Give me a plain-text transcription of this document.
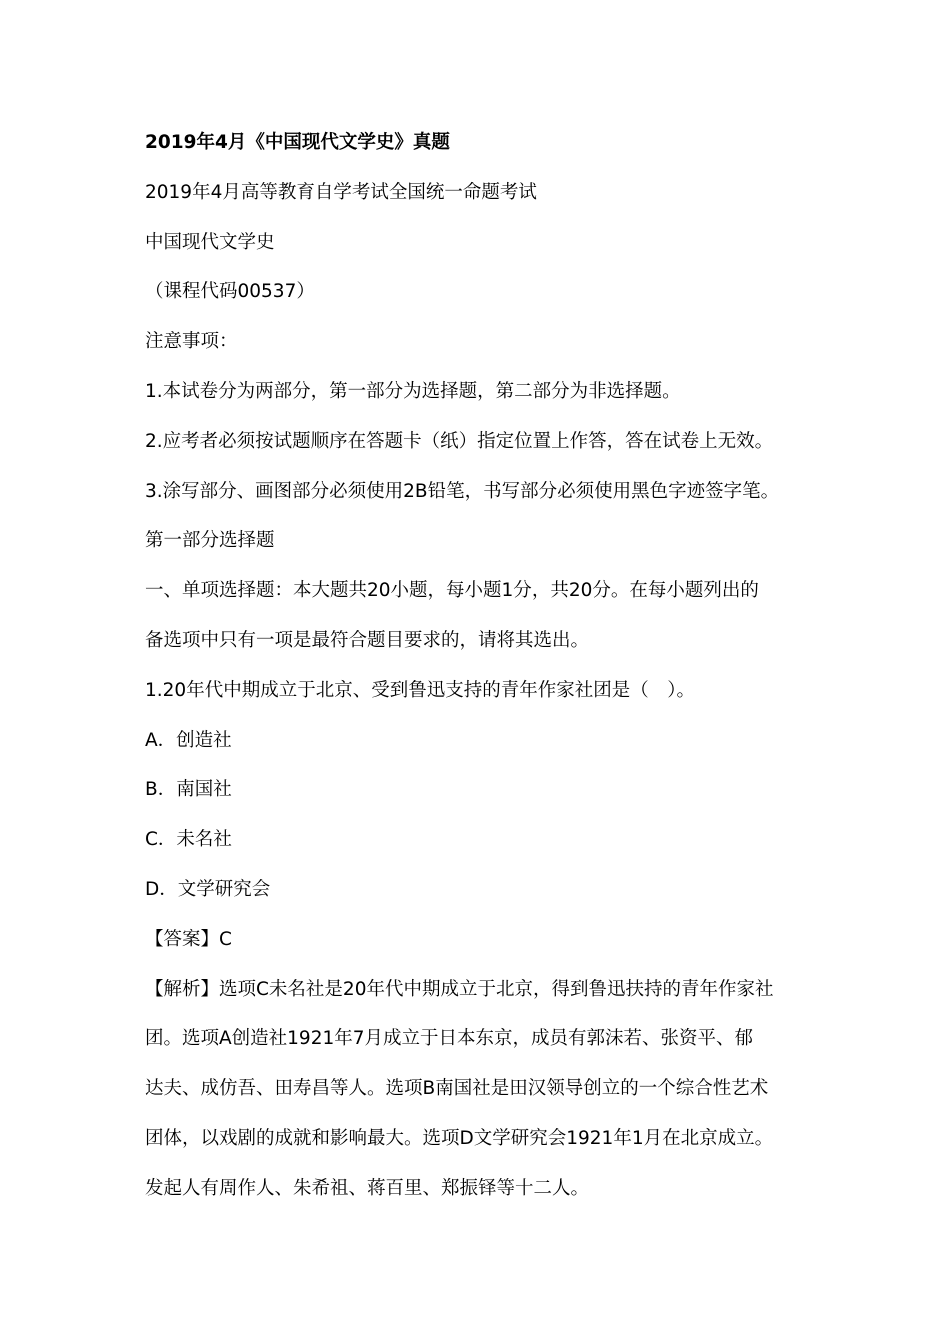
2019年4月《中国现代文学史》真题
2019年4月高等教育自学考试全国统一命题考试
中国现代文学史
（课程代码00537）
注意事项：
1.本试卷分为两部分，第一部分为选择题，第二部分为非选择题。
2.应考者必须按试题顺序在答题卡（纸）指定位置上作答，答在试卷上无效。
3.涂写部分、画图部分必须使用2B铅笔，书写部分必须使用黑色字迹签字笔。
第一部分选择题
一、单项选择题：本大题共20小题，每小题1分，共20分。在每小题列出的
备选项中只有一项是最符合题目要求的，请将其选出。
1.20年代中期成立于北京、受到鲁迅支持的青年作家社团是（　）。
A．创造社
B．南国社
C．未名社
D．文学研究会
【答案】C
【解析】选项C未名社是20年代中期成立于北京，得到鲁迅扶持的青年作家社
团。选项A创造社1921年7月成立于日本东京，成员有郭沫若、张资平、郁
达夫、成仿吾、田寿昌等人。选项B南国社是田汉领导创立的一个综合性艺术
团体，以戏剧的成就和影响最大。选项D文学研究会1921年1月在北京成立。
发起人有周作人、朱希祖、蒋百里、郑振铎等十二人。
